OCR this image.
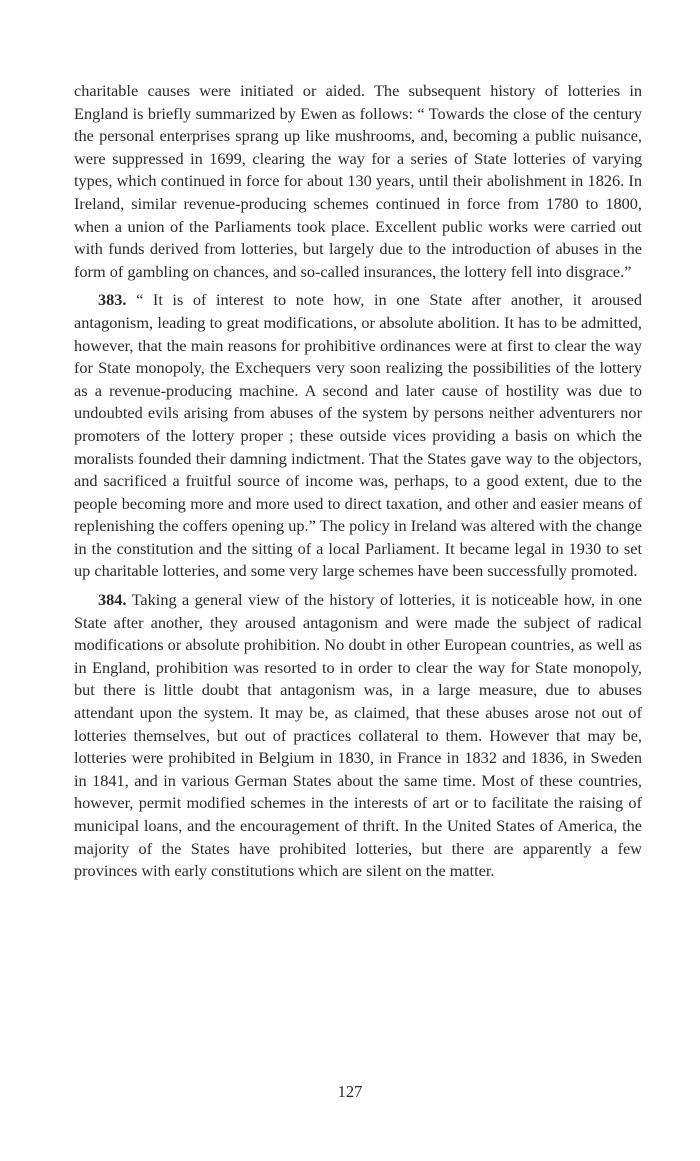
charitable causes were initiated or aided. The subsequent history of lotteries in England is briefly summarized by Ewen as follows: “ Towards the close of the century the personal enterprises sprang up like mushrooms, and, becoming a public nuisance, were suppressed in 1699, clearing the way for a series of State lotteries of varying types, which continued in force for about 130 years, until their abolishment in 1826. In Ireland, similar revenue-producing schemes continued in force from 1780 to 1800, when a union of the Parliaments took place. Excellent public works were carried out with funds derived from lotteries, but largely due to the introduction of abuses in the form of gambling on chances, and so-called insurances, the lottery fell into disgrace.”

383. “ It is of interest to note how, in one State after another, it aroused antagonism, leading to great modifications, or absolute abolition. It has to be admitted, however, that the main reasons for prohibitive ordinances were at first to clear the way for State monopoly, the Exchequers very soon realizing the possibilities of the lottery as a revenue-producing machine. A second and later cause of hostility was due to undoubted evils arising from abuses of the system by persons neither adventurers nor promoters of the lottery proper ; these outside vices providing a basis on which the moralists founded their damning indictment. That the States gave way to the objectors, and sacrificed a fruitful source of income was, perhaps, to a good extent, due to the people becoming more and more used to direct taxation, and other and easier means of replenishing the coffers opening up.” The policy in Ireland was altered with the change in the constitution and the sitting of a local Parliament. It became legal in 1930 to set up charitable lotteries, and some very large schemes have been successfully promoted.

384. Taking a general view of the history of lotteries, it is noticeable how, in one State after another, they aroused antagonism and were made the subject of radical modifications or absolute prohibition. No doubt in other European countries, as well as in England, prohibition was resorted to in order to clear the way for State monopoly, but there is little doubt that antagonism was, in a large measure, due to abuses attendant upon the system. It may be, as claimed, that these abuses arose not out of lotteries themselves, but out of practices collateral to them. However that may be, lotteries were prohibited in Belgium in 1830, in France in 1832 and 1836, in Sweden in 1841, and in various German States about the same time. Most of these countries, however, permit modified schemes in the interests of art or to facilitate the raising of municipal loans, and the encouragement of thrift. In the United States of America, the majority of the States have prohibited lotteries, but there are apparently a few provinces with early constitutions which are silent on the matter.

127
